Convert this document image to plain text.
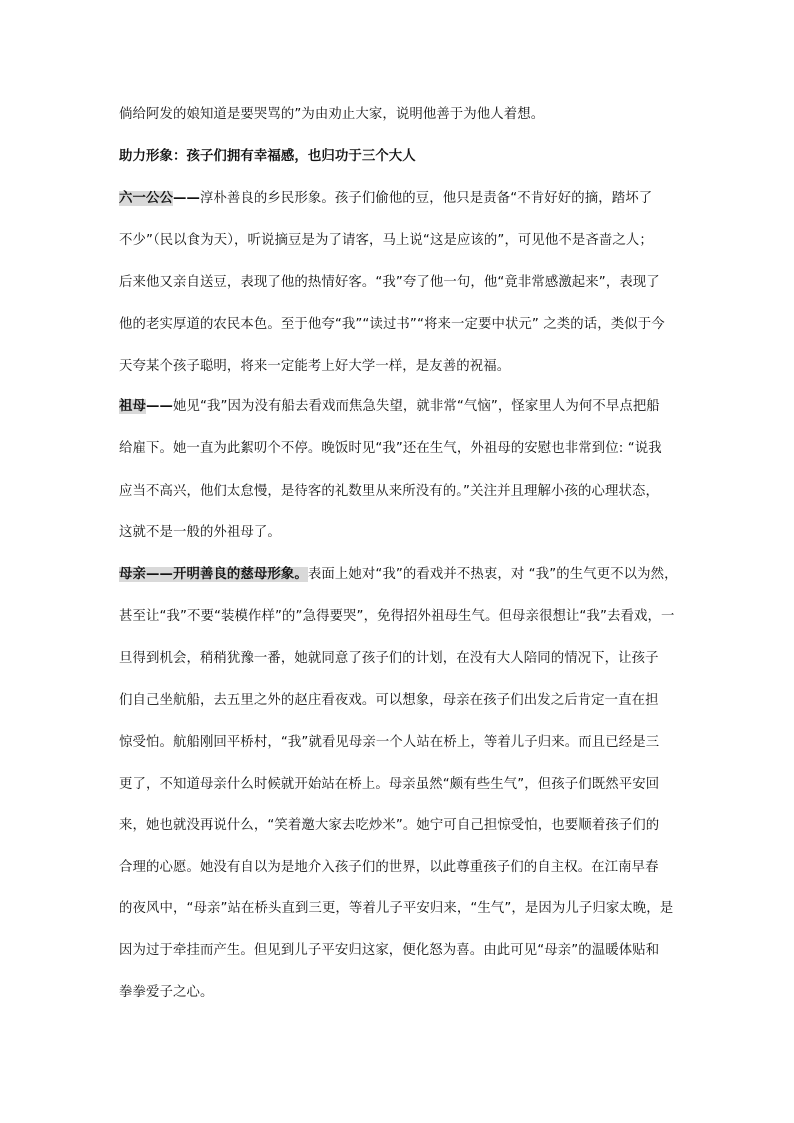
倘给阿发的娘知道是要哭骂的”为由劝止大家，说明他善于为他人着想。
助力形象：孩子们拥有幸福感，也归功于三个大人
六一公公——淳朴善良的乡民形象。孩子们偷他的豆，他只是责备“不肯好好的摘，踏坏了
不少”（民以食为天），听说摘豆是为了请客，马上说“这是应该的”，可见他不是吝啬之人；
后来他又亲自送豆，表现了他的热情好客。“我”夸了他一句，他“竟非常感激起来”，表现了
他的老实厚道的农民本色。至于他夸“我”“读过书”“将来一定要中状元” 之类的话，类似于今
天夸某个孩子聪明，将来一定能考上好大学一样，是友善的祝福。
祖母——她见“我”因为没有船去看戏而焦急失望，就非常“气恼”，怪家里人为何不早点把船
给雇下。她一直为此絮叨个不停。晚饭时见“我”还在生气，外祖母的安慰也非常到位: “说我
应当不高兴，他们太怠慢，是待客的礼数里从来所没有的。”关注并且理解小孩的心理状态，
这就不是一般的外祖母了。
母亲——开明善良的慈母形象。表面上她对“我”的看戏并不热衷，对 “我”的生气更不以为然，
甚至让“我”不要“装模作样”的”急得要哭”，免得招外祖母生气。但母亲很想让“我”去看戏，一
旦得到机会，稍稍犹豫一番，她就同意了孩子们的计划，在没有大人陪同的情况下，让孩子
们自己坐航船，去五里之外的赵庄看夜戏。可以想象，母亲在孩子们出发之后肯定一直在担
惊受怕。航船刚回平桥村，“我”就看见母亲一个人站在桥上，等着儿子归来。而且已经是三
更了，不知道母亲什么时候就开始站在桥上。母亲虽然“颇有些生气”，但孩子们既然平安回
来，她也就没再说什么，“笑着邀大家去吃炒米”。她宁可自己担惊受怕，也要顺着孩子们的
合理的心愿。她没有自以为是地介入孩子们的世界，以此尊重孩子们的自主权。在江南早春
的夜风中，“母亲”站在桥头直到三更，等着儿子平安归来，“生气”，是因为儿子归家太晚，是
因为过于牵挂而产生。但见到儿子平安归这家，便化怒为喜。由此可见“母亲”的温暖体贴和
拳拳爱子之心。
